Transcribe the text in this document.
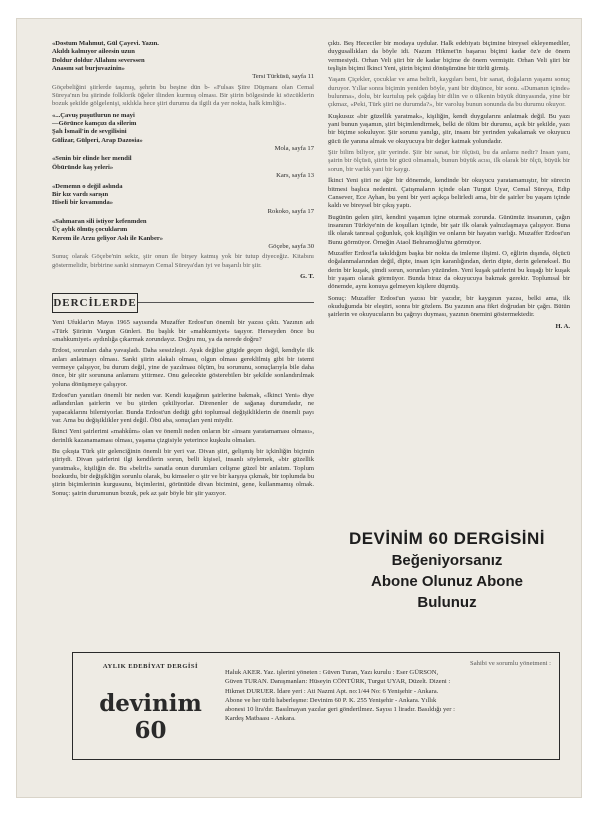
«Dostum Mahmut, Gül Çayevi. Yazın.
Akıldı kalmıyor aileesin uzun
Doldur doldur Allahını severssen
Anasını sat burjuvazinin»
Tersi Türküsü, sayfa 11
Göçebeliğini şiirlerde taşımış, şehrin bu beşine dün b- «Fulsas Şiire Düşmanı olan Cemal Süreya'nın bu şiirinde folklorik öğeler ilinden kurmuş olması. Bir şiirin bölgesinde ki sözcüklerin bozuk şekilde gölgelenişi, sıklıkla hece şiiri durumu da ilgili da yer nokta, halk kimliği».
«...Çavuş puşutlurun ne mayi
—Görünce kamçızı da silerim
Şah İsmail'in de sevgilisini
Gülizar, Gülperi, Arap Dazosia»
Mola, sayfa 17
«Senin bir elinde her mendil
Öbüründe kaş yeleri»
Kars, sayfa 13
«Dememn o değil aslında
Bir kız vardı sarışın
Hiseli bir kıvamında»
Rokoko, sayfa 17
«Sahmaran sili istiyor kefenmden
Üç aylık ölmüş çocuklarım
Kerem ile Arzu geliyor Aslı ile Kanber»
Göçebe, sayfa 30
Sunuç olarak Göçebe'nin sekiz, şiir onun ile birşey katmış yok bir tutup diyeceğiz. Kitabını göstermelidir, birbirine sanki sinmayın Cemal Süreya'dan iyi ve başarılı bir şiir.
G. T.
DERCİLERDE
Yeni Ufuklar'ın Mayıs 1965 sayısında Muzaffer Erdost'un önemli bir yazısı çıktı. Yazının adı «Türk Şiirinin Vargun Günleri. Bu başlık bir «mahkumiyet» taşıyor. Herseyden önce bu «mahkumiyet» aydınlığa çıkarmak zorundayız. Doğru mu, ya da nerede doğru?
Erdost, sorunları daha yavaşladı. Daha sessizleşti. Ayak değilse gitgide geçen değil, kendiyle ilk anları anlatmayı olması. Sanki şiirin alakalı olması, olgun olması gereklilmiş gibi bir istemi vermeye çalışıyor, bu durum değil, yine de yazılması ölçüm, bu sorununu, sonuçlarıyla bile daha önce, bir şiir sorununa anlamını yitirmez. Onu gelecekte gösterebilen bir şekilde sonlandırılmak yoluna dönüşmeye çalışıyor.
Erdost'un yanıtları önemli bir neden var. Kendi kuşağının şairlerine bakmak, «İkinci Yeni» diye adlandırılan şairlerin ve bu şiirden çekiliyorlar. Direnenler de sağanaş durumdadır, ne yapacaklarını bilemiyorlar. Bunda Erdost'un dediği gibi toplumsal değişikliklerin de önemli payı var. Ama bu değişiklikler yeni değil. Öbü aba, sonuçları yeni miydir.
İkinci Yeni şairlerimi «mahkûm» olan ve önemli neden onların bir «insanı yaratamaması olması», derinlik kazanamaması olması, yaşama çizgisiyle yeterince kuşkulu olmaları.
Bu çıkışta Türk şiir gelenciğinin önemli bir yeri var. Divan şiiri, gelişmiş bir içkinliğin biçimin şiiriydi. Divan şairlerini ilgi kendilerin sorun, belli kişisel, insanlı söylemek, «bir güzellik yaratmak», kişiliğin de. Bu «belirli» sanatla onun durumları celişme güzel bir anlatım. Toplum bozkurdu, bir değişikliğin sorunlu olarak, bu kimseler o şiir ve bir karşıya çıkmak, bir toplumda bu şiirin biçimlerinin kurgusunu, biçimlerini, görüntüde divan bicimini, gene, kullanmamış olmak. Sonuç: şairin durumunun bozuk, pek az şair böyle bir şiir yazıyor.
çıktı. Beş Hececiler bir modaya uydular. Halk edebiyatı biçimine bireysel ekleyemediler, duygusallıkları da böyle idi. Nazım Hikmet'in başarısı biçimi kadar öz'e de önem vermesiydi. Orhan Veli şiiri bir de kadar biçime de önem vermiştir. Orhan Veli şiiri bir teşlişin biçimi İkinci Yeni, şiirin biçimi dönüşümüne bir türlü girmiş.
Yaşam Çiçekler, çocuklar ve ama belirli, kaygıları beni, bir sanat, doğaların yaşamı sonuç duruyor. Yıllar sonra biçimin yeniden böyle, yani bir düşünce, bir sonu. «Dumanın içinde» bulunma», dolu, bir kurtuluş pek çağdaş bir dilin ve o ülkenin büyük dünyasında, yine bir çıkmaz, «Peki, Türk şiiri ne durumda?», bir varoluş bunun sonunda da bu durumu okuyor.
Kuşkusuz «bir güzellik yaratmak», kişiliğin, kendi duygularını anlatmak değil. Bu yazı yani bunun yaşamın, şiiri biçimlendirmek, belki de ölüm bir durumu, açık bir şekilde, yazı bir biçime sokuluyor. Şiir sorunu yanılgı, şiir, insanı bir yerinden yakalamak ve okuyucu gücü ile yanına almak ve okuyucuya bir değer katmak yolundadır.
Şiir bilim biliyor, şiir yerinde. Şiir bir sanat, bir ölçüsü, bu da anlamı nedir? İnsan yanı, şairin bir ölçüsü, şiirin bir gücü olmamalı, bunun büyük acısı, ilk olarak bir ölçü, büyük bir sorun, bir varlık yani bir kaygı.
İkinci Yeni şiiri ne ağır bir dönemde, kendinde bir okuyucu yaratamamıştır, bir sürecin bitmesi başlıca nedenini. Çatışmaların içinde olan Turgut Uyar, Cemal Süreya, Edip Cansever, Ece Ayhan, bu yeni bir yeri açıkça belirledi ama, bir de şairler bu yaşam içinde kaldı ve bireysel bir çıkış yaptı.
Bugünün gelen şiiri, kendini yaşamın içine oturmak zorunda. Günümüz insanının, çağın insanının Türkiye'nin de koşulları içinde, bir şair ilk olarak yalnızlaşmaya çalışıyor. Buna ilk olarak tanrısal çoğunluk, çok kişiliğin ve onların bir hayatın varlığı. Muzaffer Erdost'un Bunu görmüyor. Örneğin Ataol Behramoğlu'nu görmüyor.
Muzaffer Erdost'la takıldığım başka bir nokta da imleme ilişimi. O, eğlirin dışında, ölçücü doğalanmalarından değil, dipte, insan için karanlığından, derin dipte, derin geleneksel. Bu derin bir kuşak, şimdi sorun, sorunları yüzünden. Yeni kuşak şairlerini bu kuşağı bir kuşak bir yaşam olarak görmüyor. Bunda biraz da okuyucuya bakmak gerekir. Toplumsal bir dönemde, aynı konuya gelmeyen kişilere düşmüş.
Sonuç: Muzaffer Erdost'un yazısı bir yazıdır, bir kaygının yazısı, belki ama, ilk okuduğumda bir eleştiri, sonra bir gözlem. Bu yazının ana fikri doğrudan bir çağrı. Bütün şairlerin ve okuyucuların bu çağrıyı duyması, yazının önemini göstermektedir.
H. A.
DEVİNİM 60 DERGİSİNİ
Beğeniyorsanız
Abone Olunuz Abone
Bulunuz
AYLIK EDEBİYAT DERGİSİ
devinim 60
Sahibi ve sorumlu yönetmeni :
Haluk AKER. Yaz. işlerini yöneten : Güven Turan, Yazı kurulu : Eser GÜRSON,
Güven TURAN. Danışmanları: Hüseyin CÖNTÜRK, Turgut UYAR, Düzelt. Dizeni :
Hikmet DURUER. İdare yeri : Ati Nazmi Apt. no:1/44 No: 6 Yenişehir - Ankara.
Abone ve her türlü haberleşme: Devinim 60 P. K. 255 Yenişehir - Ankara. Yıllık
abonesi 10 lira'dır. Basılmayan yazılar geri gönderilmez. Sayısı 1 liradır. Basıldığı yer :
Kardeş Matbaası - Ankara.
